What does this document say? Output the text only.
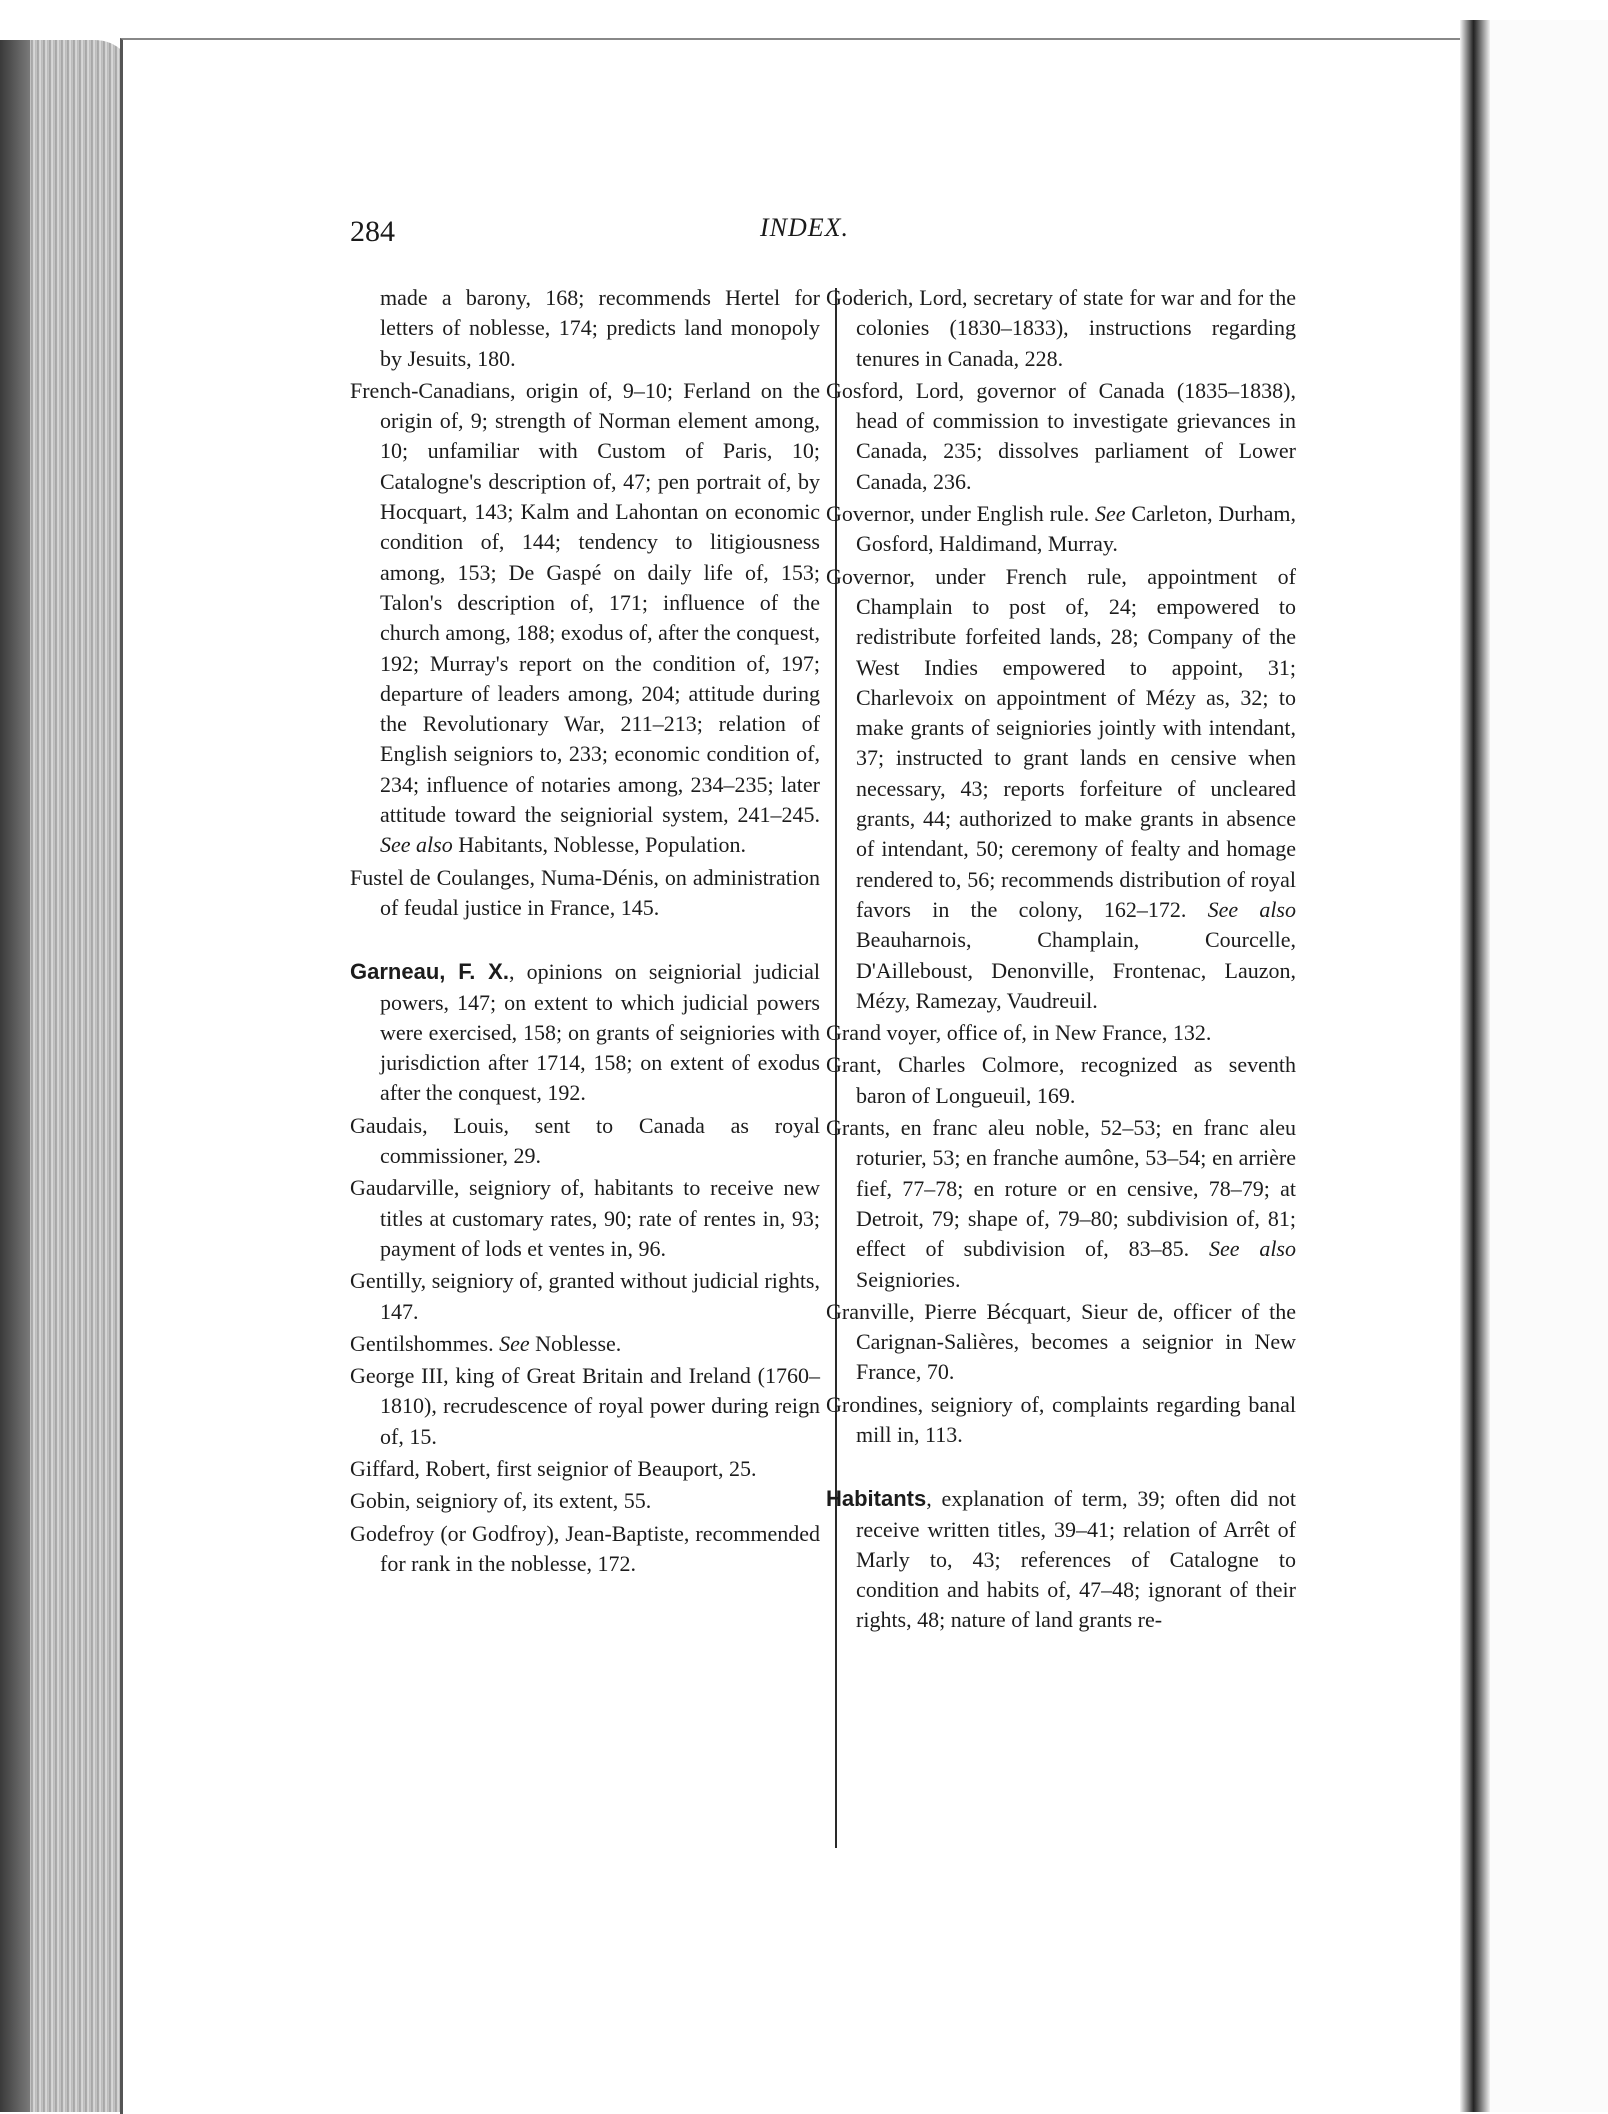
284	INDEX.

made a barony, 168; recommends Hertel for letters of noblesse, 174; predicts land monopoly by Jesuits, 180.

French-Canadians, origin of, 9–10; Ferland on the origin of, 9; strength of Norman element among, 10; unfamiliar with Custom of Paris, 10; Catalogne's description of, 47; pen portrait of, by Hocquart, 143; Kalm and Lahontan on economic condition of, 144; tendency to litigiousness among, 153; De Gaspé on daily life of, 153; Talon's description of, 171; influence of the church among, 188; exodus of, after the conquest, 192; Murray's report on the condition of, 197; departure of leaders among, 204; attitude during the Revolutionary War, 211–213; relation of English seigniors to, 233; economic condition of, 234; influence of notaries among, 234–235; later attitude toward the seigniorial system, 241–245. See also Habitants, Noblesse, Population.

Fustel de Coulanges, Numa-Dénis, on administration of feudal justice in France, 145.

Garneau, F. X., opinions on seigniorial judicial powers, 147; on extent to which judicial powers were exercised, 158; on grants of seigniories with jurisdiction after 1714, 158; on extent of exodus after the conquest, 192.

Gaudais, Louis, sent to Canada as royal commissioner, 29.

Gaudarville, seigniory of, habitants to receive new titles at customary rates, 90; rate of rentes in, 93; payment of lods et ventes in, 96.

Gentilly, seigniory of, granted without judicial rights, 147.

Gentilshommes. See Noblesse.

George III, king of Great Britain and Ireland (1760–1810), recrudescence of royal power during reign of, 15.

Giffard, Robert, first seignior of Beauport, 25.

Gobin, seigniory of, its extent, 55.

Godefroy (or Godfroy), Jean-Baptiste, recommended for rank in the noblesse, 172.

Goderich, Lord, secretary of state for war and for the colonies (1830–1833), instructions regarding tenures in Canada, 228.

Gosford, Lord, governor of Canada (1835–1838), head of commission to investigate grievances in Canada, 235; dissolves parliament of Lower Canada, 236.

Governor, under English rule. See Carleton, Durham, Gosford, Haldimand, Murray.

Governor, under French rule, appointment of Champlain to post of, 24; empowered to redistribute forfeited lands, 28; Company of the West Indies empowered to appoint, 31; Charlevoix on appointment of Mézy as, 32; to make grants of seigniories jointly with intendant, 37; instructed to grant lands en censive when necessary, 43; reports forfeiture of uncleared grants, 44; authorized to make grants in absence of intendant, 50; ceremony of fealty and homage rendered to, 56; recommends distribution of royal favors in the colony, 162–172. See also Beauharnois, Champlain, Courcelle, D'Ailleboust, Denonville, Frontenac, Lauzon, Mézy, Ramezay, Vaudreuil.

Grand voyer, office of, in New France, 132.

Grant, Charles Colmore, recognized as seventh baron of Longueuil, 169.

Grants, en franc aleu noble, 52–53; en franc aleu roturier, 53; en franche aumône, 53–54; en arrière fief, 77–78; en roture or en censive, 78–79; at Detroit, 79; shape of, 79–80; subdivision of, 81; effect of subdivision of, 83–85. See also Seigniories.

Granville, Pierre Bécquart, Sieur de, officer of the Carignan-Salières, becomes a seignior in New France, 70.

Grondines, seigniory of, complaints regarding banal mill in, 113.

Habitants, explanation of term, 39; often did not receive written titles, 39–41; relation of Arrêt of Marly to, 43; references of Catalogne to condition and habits of, 47–48; ignorant of their rights, 48; nature of land grants re-
